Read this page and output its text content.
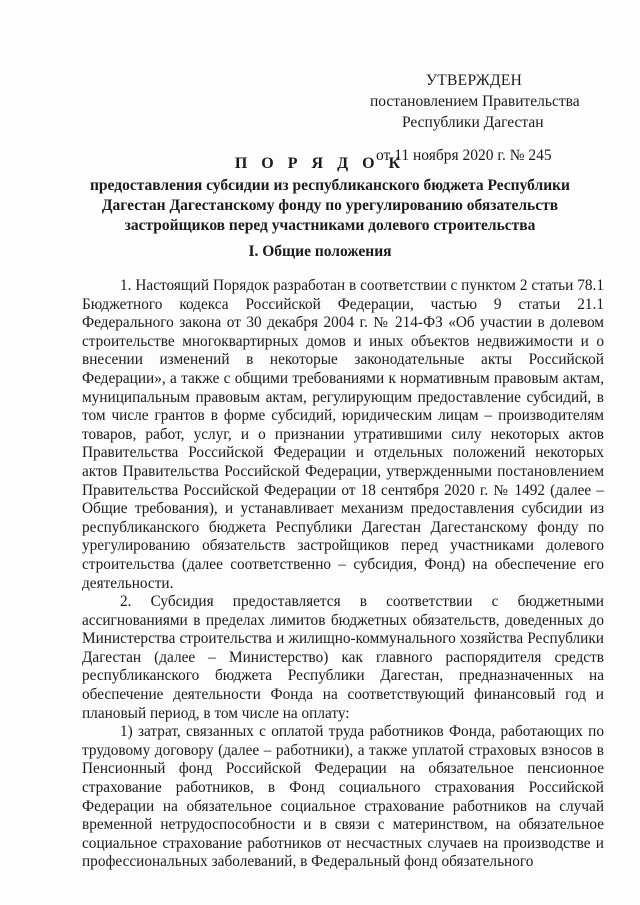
УТВЕРЖДЕН
постановлением Правительства
Республики Дагестан
от 11 ноября 2020 г. № 245
П О Р Я Д О К
предоставления субсидии из республиканского бюджета Республики Дагестан Дагестанскому фонду по урегулированию обязательств застройщиков перед участниками долевого строительства
I. Общие положения

1. Настоящий Порядок разработан в соответствии с пунктом 2 статьи 78.1 Бюджетного кодекса Российской Федерации, частью 9 статьи 21.1 Федерального закона от 30 декабря 2004 г. № 214-ФЗ «Об участии в долевом строительстве многоквартирных домов и иных объектов недвижимости и о внесении изменений в некоторые законодательные акты Российской Федерации», а также с общими требованиями к нормативным правовым актам, муниципальным правовым актам, регулирующим предоставление субсидий, в том числе грантов в форме субсидий, юридическим лицам – производителям товаров, работ, услуг, и о признании утратившими силу некоторых актов Правительства Российской Федерации и отдельных положений некоторых актов Правительства Российской Федерации, утвержденными постановлением Правительства Российской Федерации от 18 сентября 2020 г. № 1492 (далее – Общие требования), и устанавливает механизм предоставления субсидии из республиканского бюджета Республики Дагестан Дагестанскому фонду по урегулированию обязательств застройщиков перед участниками долевого строительства (далее соответственно – субсидия, Фонд) на обеспечение его деятельности.

2. Субсидия предоставляется в соответствии с бюджетными ассигнованиями в пределах лимитов бюджетных обязательств, доведенных до Министерства строительства и жилищно-коммунального хозяйства Республики Дагестан (далее – Министерство) как главного распорядителя средств республиканского бюджета Республики Дагестан, предназначенных на обеспечение деятельности Фонда на соответствующий финансовый год и плановый период, в том числе на оплату:

1) затрат, связанных с оплатой труда работников Фонда, работающих по трудовому договору (далее – работники), а также уплатой страховых взносов в Пенсионный фонд Российской Федерации на обязательное пенсионное страхование работников, в Фонд социального страхования Российской Федерации на обязательное социальное страхование работников на случай временной нетрудоспособности и в связи с материнством, на обязательное социальное страхование работников от несчастных случаев на производстве и профессиональных заболеваний, в Федеральный фонд обязательного
